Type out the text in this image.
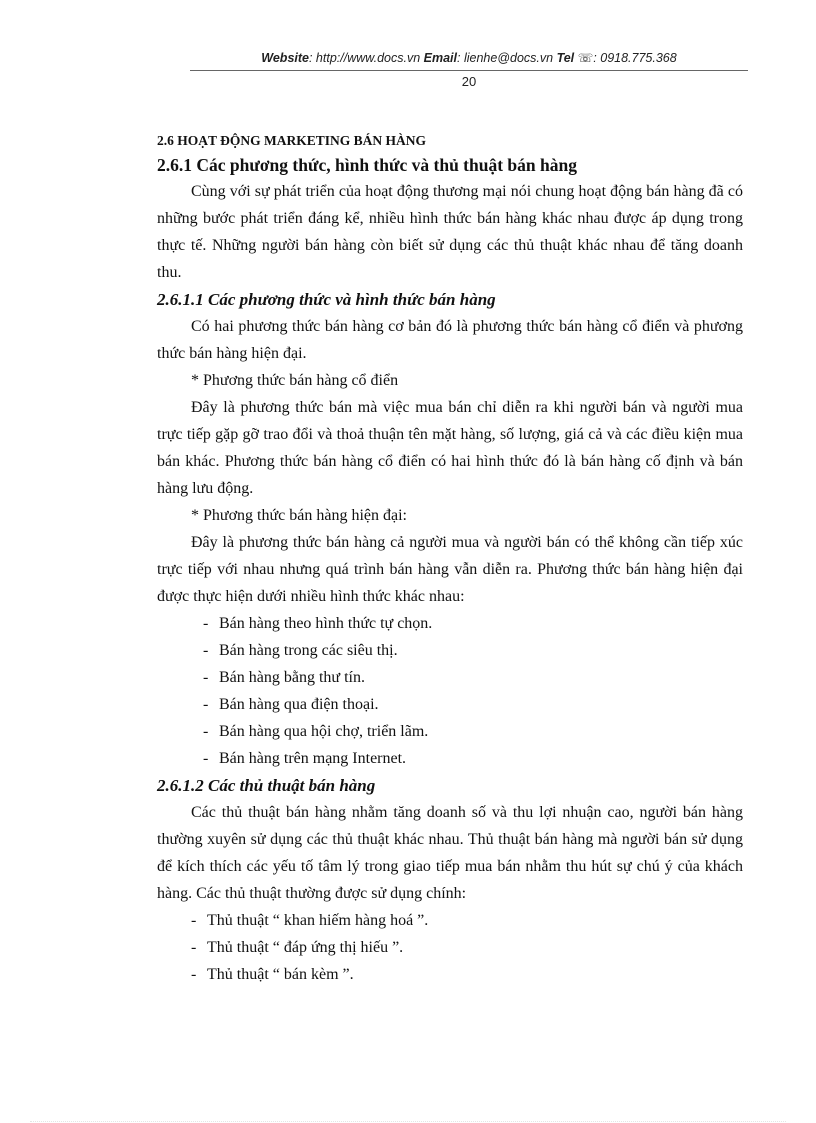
Website: http://www.docs.vn Email: lienhe@docs.vn Tel ☏: 0918.775.368
20
2.6 HOẠT ĐỘNG MARKETING BÁN HÀNG
2.6.1 Các phương thức, hình thức và thủ thuật bán hàng

Cùng với sự phát triển của hoạt động thương mại nói chung hoạt động bán hàng đã có những bước phát triển đáng kể, nhiều hình thức bán hàng khác nhau được áp dụng trong thực tế. Những người bán hàng còn biết sử dụng các thủ thuật khác nhau để tăng doanh thu.

2.6.1.1 Các phương thức và hình thức bán hàng

Có hai phương thức bán hàng cơ bản đó là phương thức bán hàng cổ điển và phương thức bán hàng hiện đại.

* Phương thức bán hàng cổ điển

Đây là phương thức bán mà việc mua bán chỉ diễn ra khi người bán và người mua trực tiếp gặp gỡ trao đổi và thoả thuận tên mặt hàng, số lượng, giá cả và các điều kiện mua bán khác. Phương thức bán hàng cổ điển có hai hình thức đó là bán hàng cố định và bán hàng lưu động.

* Phương thức bán hàng hiện đại:

Đây là phương thức bán hàng cả người mua và người bán có thể không cần tiếp xúc trực tiếp với nhau nhưng quá trình bán hàng vẫn diễn ra. Phương thức bán hàng hiện đại được thực hiện dưới nhiều hình thức khác nhau:

- Bán hàng theo hình thức tự chọn.
- Bán hàng trong các siêu thị.
- Bán hàng bằng thư tín.
- Bán hàng qua điện thoại.
- Bán hàng qua hội chợ, triển lãm.
- Bán hàng trên mạng Internet.
2.6.1.2 Các thủ thuật bán hàng

Các thủ thuật bán hàng nhằm tăng doanh số và thu lợi nhuận cao, người bán hàng thường xuyên sử dụng các thủ thuật khác nhau. Thủ thuật bán hàng mà người bán sử dụng để kích thích các yếu tố tâm lý trong giao tiếp mua bán nhằm thu hút sự chú ý của khách hàng. Các thủ thuật thường được sử dụng chính:

- Thủ thuật “ khan hiếm hàng hoá ”.
- Thủ thuật “ đáp ứng thị hiếu ”.
- Thủ thuật “ bán kèm ”.
